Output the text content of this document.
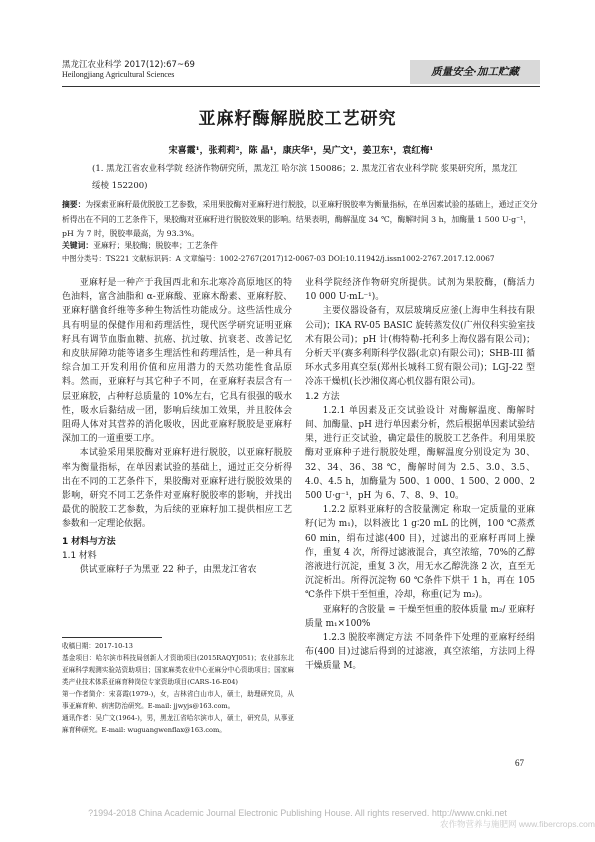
黑龙江农业科学 2017(12):67~69
Heilongjiang Agricultural Sciences	质量安全·加工贮藏
亚麻籽酶解脱胶工艺研究
宋喜霞¹，张莉莉²，陈 晶¹，康庆华¹，吴广文¹，姜卫东¹，袁红梅¹
(1. 黑龙江省农业科学院 经济作物研究所，黑龙江 哈尔滨 150086；2. 黑龙江省农业科学院 浆果研究所，黑龙江 绥棱 152200)
摘要：为探索亚麻籽最优脱胶工艺参数，采用果胶酶对亚麻籽进行脱胶，以亚麻籽脱胶率为衡量指标，在单因素试验的基础上，通过正交分析得出在不同的工艺条件下，果胶酶对亚麻籽进行脱胶效果的影响。结果表明，酶解温度 34 ℃，酶解时间 3 h，加酶量 1 500 U·g⁻¹，pH 为 7 时，脱胶率最高，为 93.3%。
关键词：亚麻籽；果胶酶；脱胶率；工艺条件
中图分类号：TS221 文献标识码：A 文章编号：1002-2767(2017)12-0067-03 DOI:10.11942/j.issn1002-2767.2017.12.0067

亚麻籽是一种产于我国西北和东北寒冷高原地区的特色油料，富含油脂和 α-亚麻酸、亚麻木酚素、亚麻籽胶、亚麻籽膳食纤维等多种生物活性功能成分。这些活性成分具有明显的保健作用和药理活性，现代医学研究证明亚麻籽具有调节血脂血糖、抗癌、抗过敏、抗衰老、改善记忆和皮肤屏障功能等诸多生理活性和药理活性，是一种具有综合加工开发利用价值和应用潜力的天然功能性食品原料。然而，亚麻籽与其它种子不同，在亚麻籽表层含有一层亚麻胶，占种籽总质量的 10%左右，它具有很强的吸水性，吸水后黏结成一团，影响后续加工效果，并且胶体会阻碍人体对其营养的消化吸收，因此亚麻籽脱胶是亚麻籽深加工的一道重要工序。

本试验采用果胶酶对亚麻籽进行脱胶，以亚麻籽脱胶率为衡量指标，在单因素试验的基础上，通过正交分析得出在不同的工艺条件下，果胶酶对亚麻籽进行脱胶效果的影响，研究不同工艺条件对亚麻籽脱胶率的影响，并找出最优的脱胶工艺参数，为后续的亚麻籽加工提供相应工艺参数和一定理论依据。

1 材料与方法

1.1 材料

供试亚麻籽子为黑亚 22 种子，由黑龙江省农

收稿日期：2017-10-13
基金项目：哈尔滨市科技局创新人才资助项目(2015RAQYJ051)；农业部东北亚麻科学观测实验站资助项目；国家麻类农业中心亚麻分中心资助项目；国家麻类产业技术体系亚麻育种岗位专家资助项目(CARS-16-E04)
第一作者简介：宋喜霞(1979-)，女，吉林省白山市人，硕士，助理研究员，从事亚麻育种、病害防治研究。E-mail: jjwyjs@163.com。
通讯作者：吴广文(1964-)，男，黑龙江省哈尔滨市人，硕士，研究员，从事亚麻育种研究。E-mail: wuguangwenflax@163.com。

业科学院经济作物研究所提供。试剂为果胶酶，(酶活力 10 000 U·mL⁻¹)。

主要仪器设备有，双层玻璃反应釜(上海申生科技有限公司)；IKA RV-05 BASIC 旋转蒸发仪(广州仪科实验室技术有限公司)；pH 计(梅特勒-托利多上海仪器有限公司)；分析天平(赛多利斯科学仪器(北京)有限公司)；SHB-III 循环水式多用真空泵(郑州长城科工贸有限公司)；LGJ-22 型冷冻干燥机(长沙湘仪离心机仪器有限公司)。

1.2 方法

1.2.1 单因素及正交试验设计 对酶解温度、酶解时间、加酶量、pH 进行单因素分析，然后根据单因素试验结果，进行正交试验，确定最佳的脱胶工艺条件。利用果胶酶对亚麻种子进行脱胶处理，酶解温度分别设定为 30、32、34、36、38 ℃，酶解时间为 2.5、3.0、3.5、4.0、4.5 h，加酶量为 500、1 000、1 500、2 000、2 500 U·g⁻¹，pH 为 6、7、8、9、10。

1.2.2 原料亚麻籽的含胶量测定 称取一定质量的亚麻籽(记为 m₁)，以料液比 1 g∶20 mL 的比例，100 ℃蒸煮 60 min，绢布过滤(400 目)，过滤出的亚麻籽再同上操作，重复 4 次，所得过滤液混合，真空浓缩，70%的乙醇溶液进行沉淀，重复 3 次，用无水乙醇洗涤 2 次，直至无沉淀析出。所得沉淀物 60 ℃条件下烘干 1 h，再在 105 ℃条件下烘干至恒重，冷却，称重(记为 m₂)。

亚麻籽的含胶量 = 干燥至恒重的胶体质量 m₂/ 亚麻籽质量 m₁×100%

1.2.3 脱胶率测定方法 不同条件下处理的亚麻籽经绢布(400 目)过滤后得到的过滤液，真空浓缩，方法同上得干燥质量 M。

67
?1994-2018 China Academic Journal Electronic Publishing House. All rights reserved. http://www.cnki.net
农作物营养与施肥网 www.fibercrops.com
